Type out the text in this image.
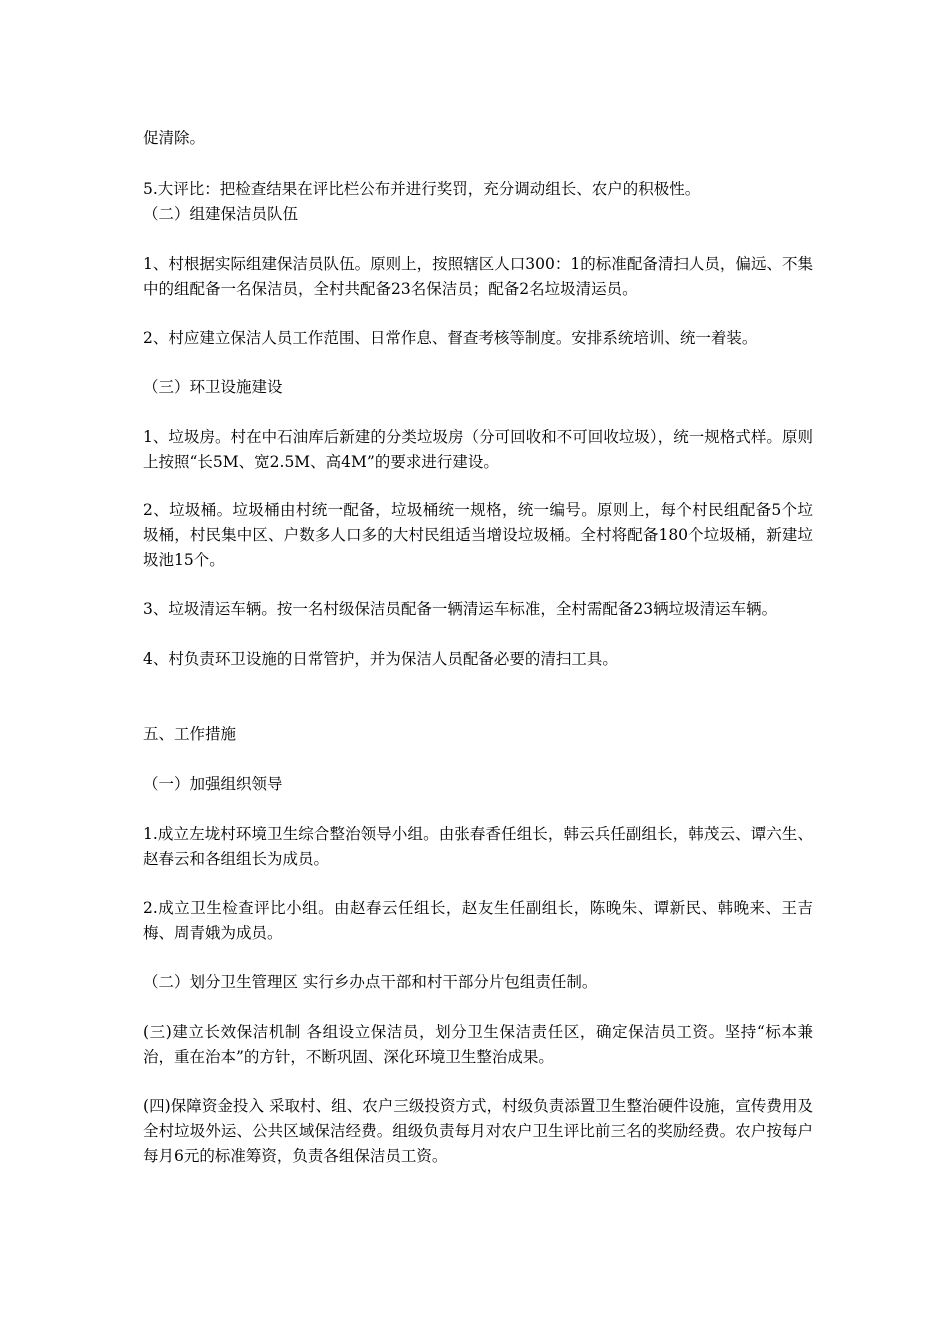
促清除。

5.大评比：把检查结果在评比栏公布并进行奖罚，充分调动组长、农户的积极性。

（二）组建保洁员队伍

1、村根据实际组建保洁员队伍。原则上，按照辖区人口300：1的标准配备清扫人员，偏远、不集中的组配备一名保洁员，全村共配备23名保洁员；配备2名垃圾清运员。

2、村应建立保洁人员工作范围、日常作息、督查考核等制度。安排系统培训、统一着装。

（三）环卫设施建设

1、垃圾房。村在中石油库后新建的分类垃圾房（分可回收和不可回收垃圾），统一规格式样。原则上按照“长5M、宽2.5M、高4M”的要求进行建设。

2、垃圾桶。垃圾桶由村统一配备，垃圾桶统一规格，统一编号。原则上，每个村民组配备5个垃圾桶，村民集中区、户数多人口多的大村民组适当增设垃圾桶。全村将配备180个垃圾桶，新建垃圾池15个。

3、垃圾清运车辆。按一名村级保洁员配备一辆清运车标准，全村需配备23辆垃圾清运车辆。

4、村负责环卫设施的日常管护，并为保洁人员配备必要的清扫工具。

五、工作措施

（一）加强组织领导

1.成立左垅村环境卫生综合整治领导小组。由张春香任组长，韩云兵任副组长，韩茂云、谭六生、赵春云和各组组长为成员。

2.成立卫生检查评比小组。由赵春云任组长，赵友生任副组长，陈晚朱、谭新民、韩晚来、王吉梅、周青娥为成员。

（二）划分卫生管理区 实行乡办点干部和村干部分片包组责任制。

(三)建立长效保洁机制 各组设立保洁员，划分卫生保洁责任区，确定保洁员工资。坚持“标本兼治，重在治本”的方针，不断巩固、深化环境卫生整治成果。

(四)保障资金投入 采取村、组、农户三级投资方式，村级负责添置卫生整治硬件设施，宣传费用及全村垃圾外运、公共区域保洁经费。组级负责每月对农户卫生评比前三名的奖励经费。农户按每户每月6元的标准筹资，负责各组保洁员工资。
